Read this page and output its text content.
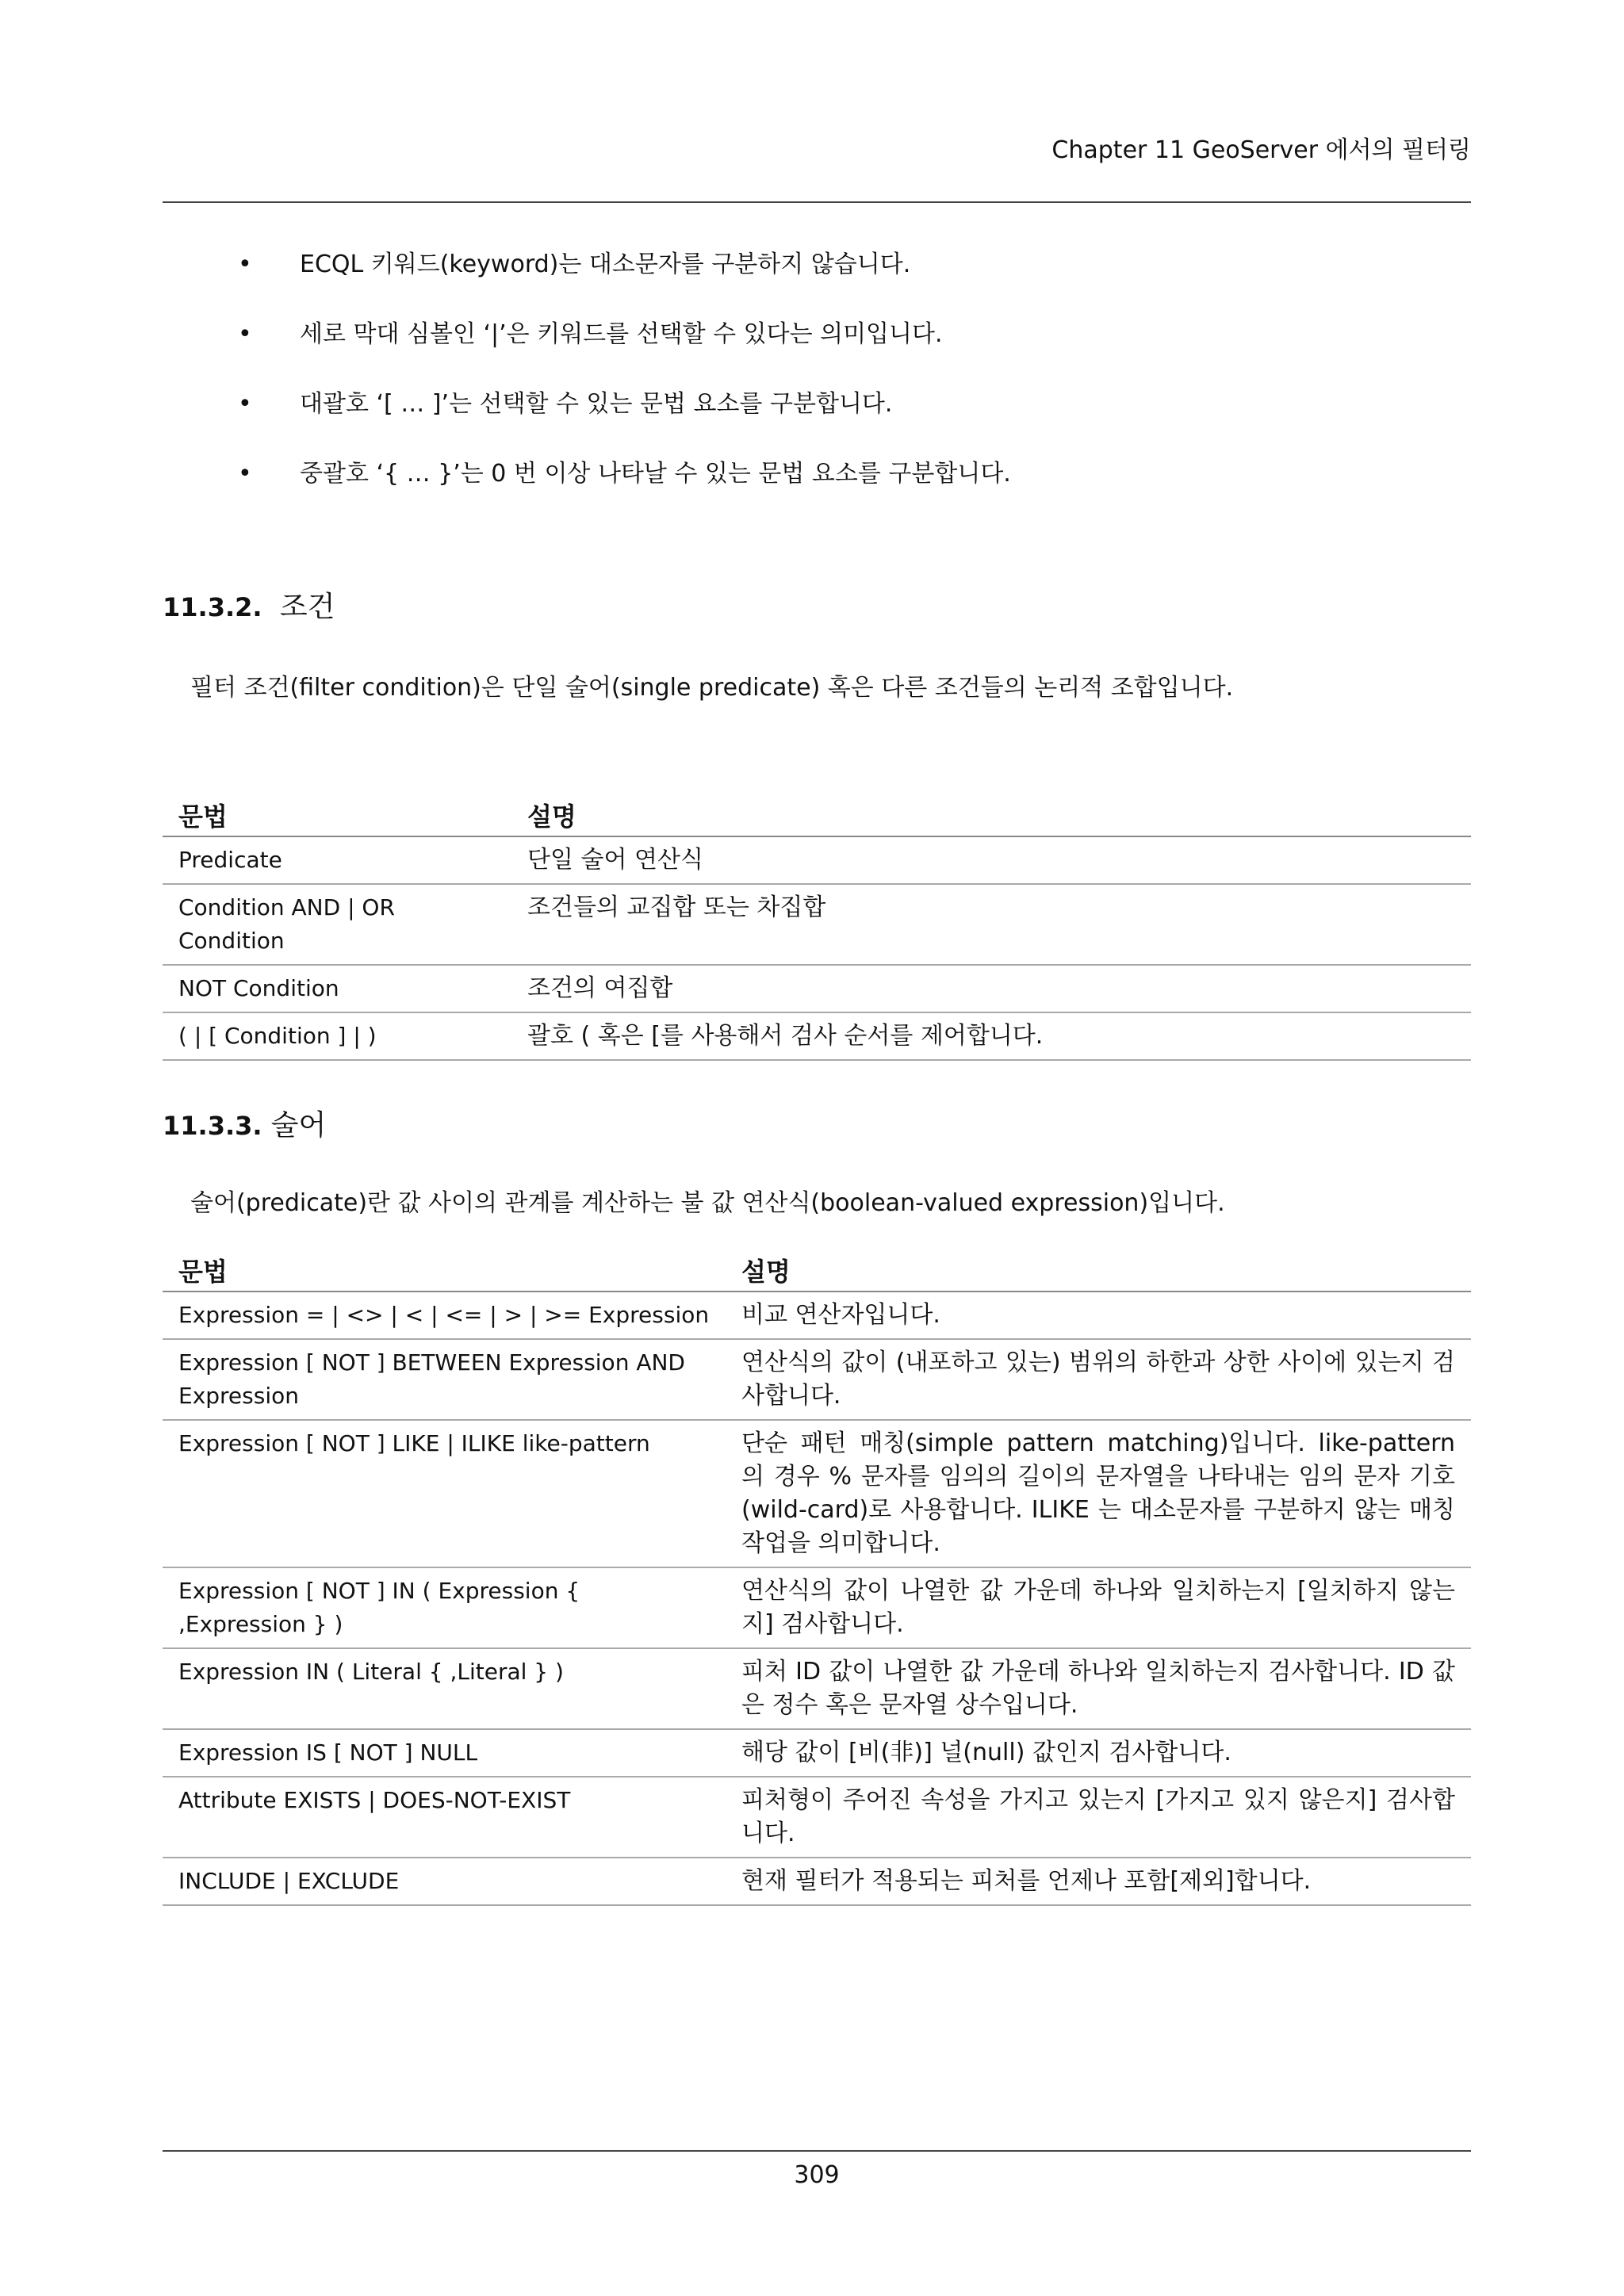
Chapter 11 GeoServer 에서의 필터링
• ECQL 키워드(keyword)는 대소문자를 구분하지 않습니다.
• 세로 막대 심볼인 ‘|’은 키워드를 선택할 수 있다는 의미입니다.
• 대괄호 ‘[ … ]’는 선택할 수 있는 문법 요소를 구분합니다.
• 중괄호 ‘{ … }’는 0 번 이상 나타날 수 있는 문법 요소를 구분합니다.
11.3.2. 조건
필터 조건(filter condition)은 단일 술어(single predicate) 혹은 다른 조건들의 논리적 조합입니다.
문법	설명
Predicate	단일 술어 연산식
Condition AND | OR Condition	조건들의 교집합 또는 차집합
NOT Condition	조건의 여집합
( | [ Condition ] | )	괄호 ( 혹은 [를 사용해서 검사 순서를 제어합니다.
11.3.3. 술어
술어(predicate)란 값 사이의 관계를 계산하는 불 값 연산식(boolean-valued expression)입니다.
문법	설명
Expression = | <> | < | <= | > | >= Expression	비교 연산자입니다.
Expression [ NOT ] BETWEEN Expression AND Expression	연산식의 값이 (내포하고 있는) 범위의 하한과 상한 사이에 있는지 검사합니다.
Expression [ NOT ] LIKE | ILIKE like-pattern	단순 패턴 매칭(simple pattern matching)입니다. like-pattern 의 경우 % 문자를 임의의 길이의 문자열을 나타내는 임의 문자 기호(wild-card)로 사용합니다. ILIKE 는 대소문자를 구분하지 않는 매칭 작업을 의미합니다.
Expression [ NOT ] IN ( Expression { ,Expression } )	연산식의 값이 나열한 값 가운데 하나와 일치하는지 [일치하지 않는지] 검사합니다.
Expression IN ( Literal { ,Literal } )	피처 ID 값이 나열한 값 가운데 하나와 일치하는지 검사합니다. ID 값은 정수 혹은 문자열 상수입니다.
Expression IS [ NOT ] NULL	해당 값이 [비(非)] 널(null) 값인지 검사합니다.
Attribute EXISTS | DOES-NOT-EXIST	피처형이 주어진 속성을 가지고 있는지 [가지고 있지 않은지] 검사합니다.
INCLUDE | EXCLUDE	현재 필터가 적용되는 피처를 언제나 포함[제외]합니다.
309
